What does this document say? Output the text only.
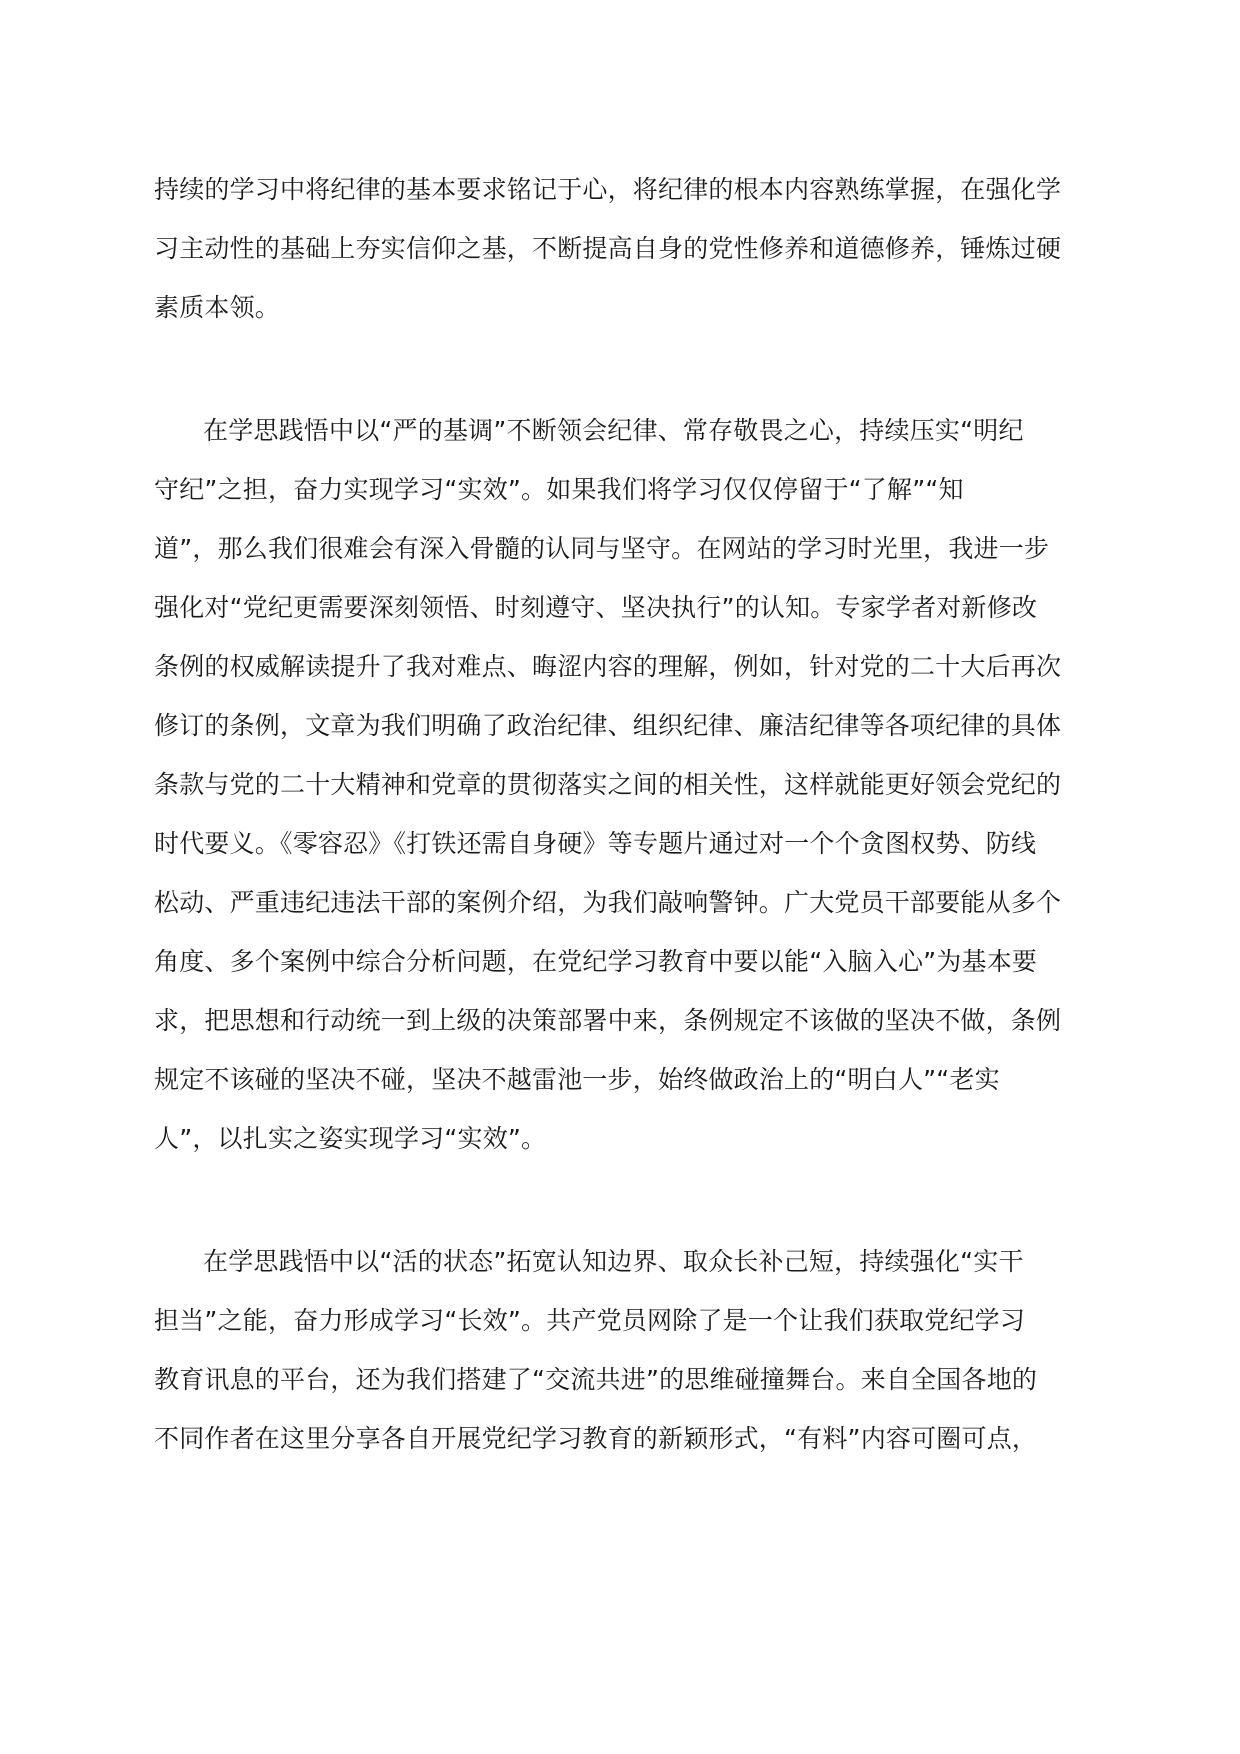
持续的学习中将纪律的基本要求铭记于心，将纪律的根本内容熟练掌握，在强化学
习主动性的基础上夯实信仰之基，不断提高自身的党性修养和道德修养，锤炼过硬
素质本领。
在学思践悟中以“严的基调”不断领会纪律、常存敬畏之心，持续压实“明纪
守纪”之担，奋力实现学习“实效”。如果我们将学习仅仅停留于“了解”“知
道”，那么我们很难会有深入骨髓的认同与坚守。在网站的学习时光里，我进一步
强化对“党纪更需要深刻领悟、时刻遵守、坚决执行”的认知。专家学者对新修改
条例的权威解读提升了我对难点、晦涩内容的理解，例如，针对党的二十大后再次
修订的条例，文章为我们明确了政治纪律、组织纪律、廉洁纪律等各项纪律的具体
条款与党的二十大精神和党章的贯彻落实之间的相关性，这样就能更好领会党纪的
时代要义。《零容忍》《打铁还需自身硬》等专题片通过对一个个贪图权势、防线
松动、严重违纪违法干部的案例介绍，为我们敲响警钟。广大党员干部要能从多个
角度、多个案例中综合分析问题，在党纪学习教育中要以能“入脑入心”为基本要
求，把思想和行动统一到上级的决策部署中来，条例规定不该做的坚决不做，条例
规定不该碰的坚决不碰，坚决不越雷池一步，始终做政治上的“明白人”“老实
人”，以扎实之姿实现学习“实效”。
在学思践悟中以“活的状态”拓宽认知边界、取众长补己短，持续强化“实干
担当”之能，奋力形成学习“长效”。共产党员网除了是一个让我们获取党纪学习
教育讯息的平台，还为我们搭建了“交流共进”的思维碰撞舞台。来自全国各地的
不同作者在这里分享各自开展党纪学习教育的新颖形式，“有料”内容可圈可点，
